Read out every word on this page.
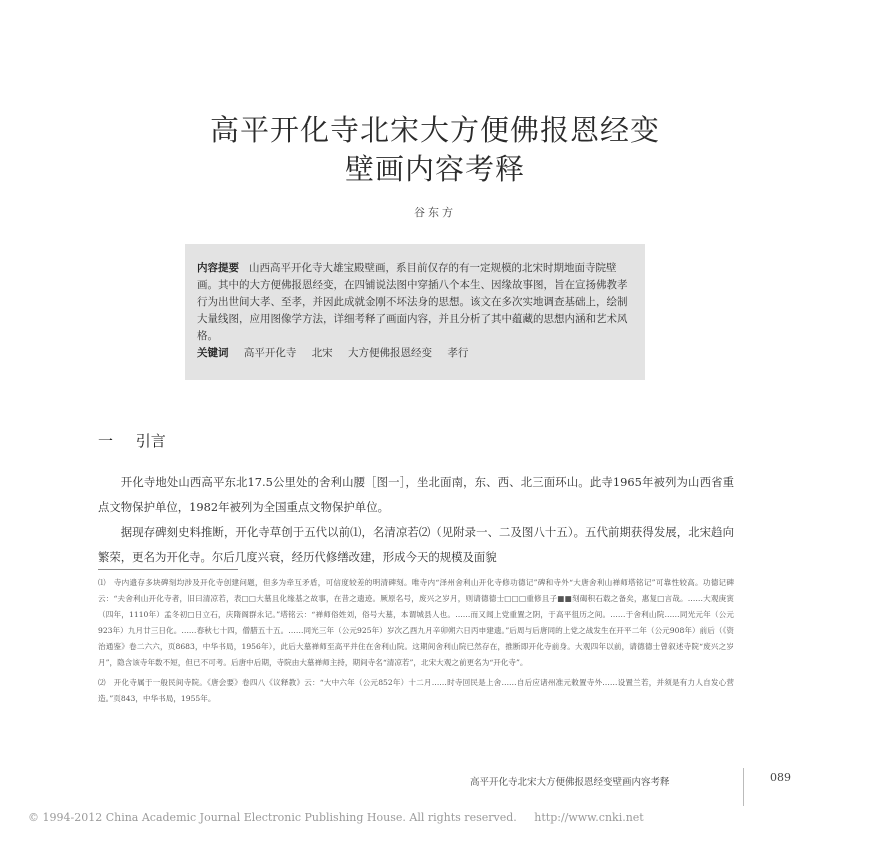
高平开化寺北宋大方便佛报恩经变
壁画内容考释
谷东方
内容提要 山西高平开化寺大雄宝殿壁画，系目前仅存的有一定规模的北宋时期地面寺院壁画。其中的大方便佛报恩经变，在四铺说法图中穿插八个本生、因缘故事图，旨在宣扬佛教孝行为出世间大孝、至孝，并因此成就金刚不坏法身的思想。该文在多次实地调查基础上，绘制大量线图，应用图像学方法，详细考释了画面内容，并且分析了其中蕴藏的思想内涵和艺术风格。
关键词 高平开化寺 北宋 大方便佛报恩经变 孝行
一 引言

开化寺地处山西高平东北17.5公里处的舍利山腰［图一］，坐北面南，东、西、北三面环山。此寺1965年被列为山西省重点文物保护单位，1982年被列为全国重点文物保护单位。

据现存碑刻史料推断，开化寺草创于五代以前⑴，名清凉若⑵（见附录一、二及图八十五）。五代前期获得发展，北宋趋向繁荣，更名为开化寺。尔后几度兴衰，经历代修缮改建，形成今天的规模及面貌

⑴ 寺内遗存多块碑刻均涉及开化寺创建问题，但多为牵互矛盾，可信度较差的明清碑刻。唯寺内“泽州舍利山开化寺修功德记”碑和寺外“大唐舍利山禅师塔铭记”可靠性较高。功德记碑云：“夫舍利山开化寺者，旧曰清凉若，表□□大墓且化缘基之故事，在昔之遗迹。厥原名号，废兴之岁月，则请德德士□□□重修且子■■刻碣积石载之备矣，惠复□言哉。……大观庚寅（四年，1110年）孟冬初□日立石，庆隋阁群永记。”塔铭云：“禅师俗姓刘，俗号大墓，本谓城县人也。……而又闻上党重置之阴，于高平徂历之间。……于舍利山院……同光元年（公元923年）九月廿三日化。……春秋七十四，僧腊五十五。……同光三年（公元925年）岁次乙酉九月辛卯朔六日丙申建遗。”后周与后唐同的上党之战发生在开平二年（公元908年）前后（《资治通鉴》卷二六六，页8683，中华书局，1956年），此后大墓禅师至高平并住在舍利山院。这期间舍利山院已然存在，推断即开化寺前身。大观四年以前，请德德士曾叙述寺院“废兴之岁月”，隐含该寺年数不短，但已不可考。后唐中后期，寺院由大墓禅师主持，期间寺名“清凉若”，北宋大观之前更名为“开化寺”。

⑵ 开化寺属于一般民间寺院。《唐会要》卷四八《议释教》云：“大中六年（公元852年）十二月……时寺回民是上舍……自后应诸州准元敕置寺外……设置兰若，并须是有力人自发心营造。”页843，中华书局，1955年。

高平开化寺北宋大方便佛报恩经变壁画内容考释	089
© 1994-2012 China Academic Journal Electronic Publishing House. All rights reserved. http://www.cnki.net
